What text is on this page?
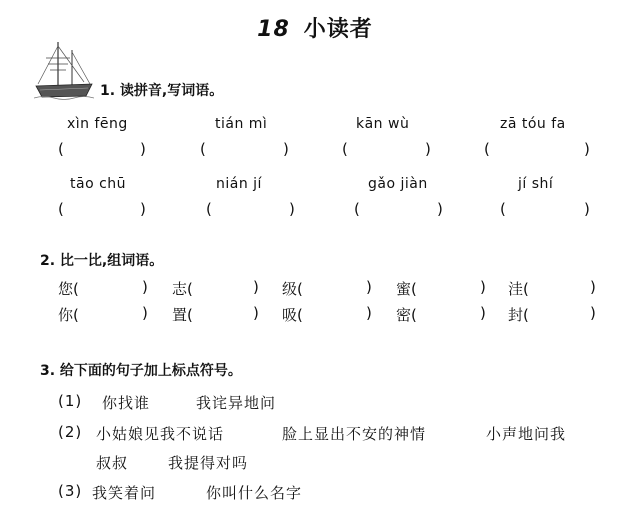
18 小读者
1. 读拼音,写词语。
xìn fēng	tián mì	kān wù	zā tóu fa
(	)	(	)	(	)	(	)
tāo chū	nián jí	gǎo jiàn	jí shí
(	)	(	)	(	)	(	)
2. 比一比,组词语。
您(	) 志(	) 级(	) 蜜(	) 洼(	)
你(	) 置(	) 吸(	) 密(	) 封(	)
3. 给下面的句子加上标点符号。
(1) 你找谁	我诧异地问
(2) 小姑娘见我不说话	脸上显出不安的神情	小声地问我
叔叔	我提得对吗
(3) 我笑着问	你叫什么名字
